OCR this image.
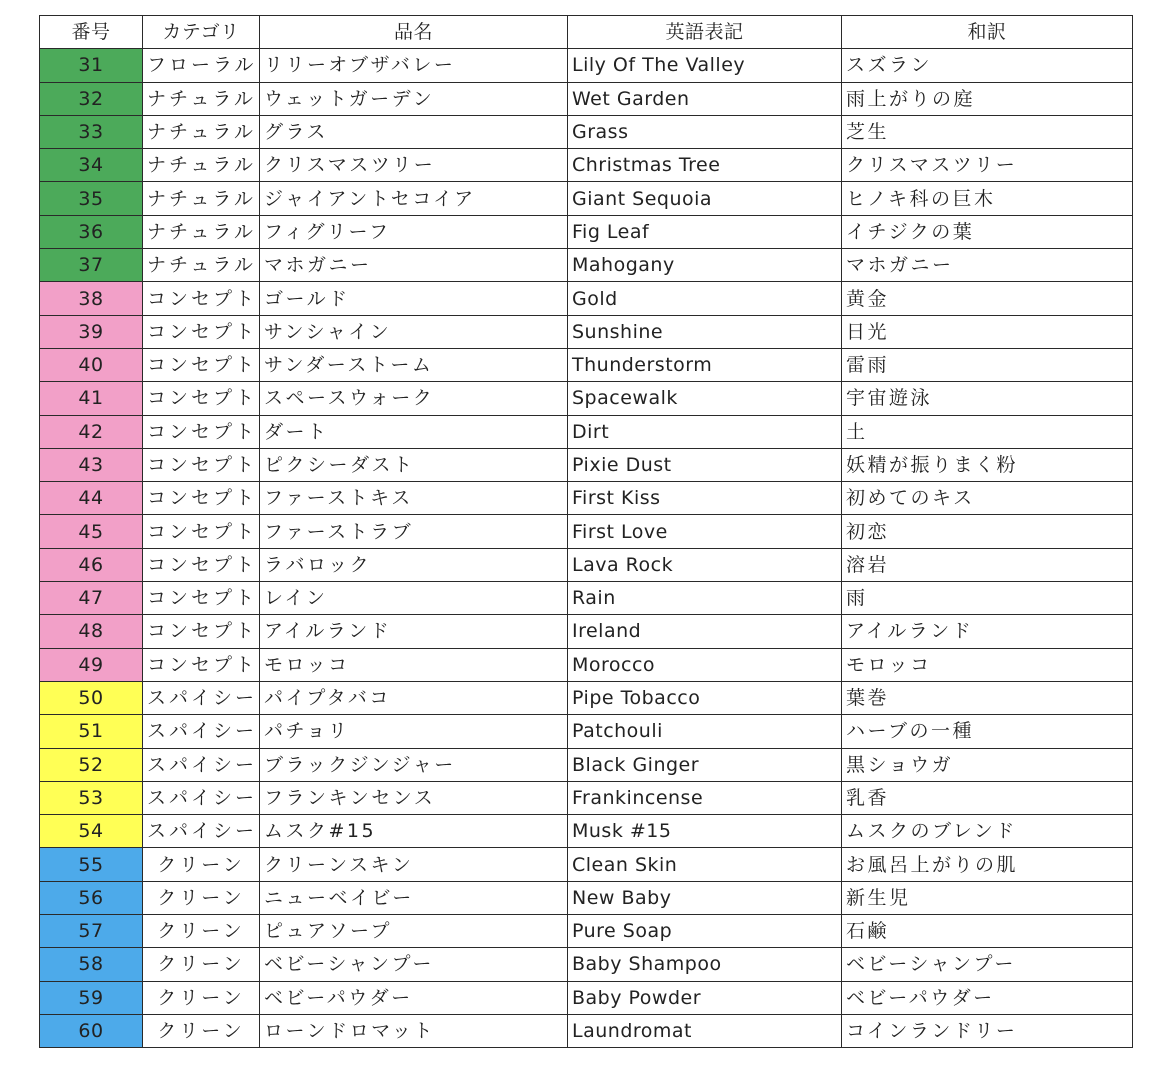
番号	カテゴリ	品名	英語表記	和訳
31	フローラル	リリーオブザバレー	Lily Of The Valley	スズラン
32	ナチュラル	ウェットガーデン	Wet Garden	雨上がりの庭
33	ナチュラル	グラス	Grass	芝生
34	ナチュラル	クリスマスツリー	Christmas Tree	クリスマスツリー
35	ナチュラル	ジャイアントセコイア	Giant Sequoia	ヒノキ科の巨木
36	ナチュラル	フィグリーフ	Fig Leaf	イチジクの葉
37	ナチュラル	マホガニー	Mahogany	マホガニー
38	コンセプト	ゴールド	Gold	黄金
39	コンセプト	サンシャイン	Sunshine	日光
40	コンセプト	サンダーストーム	Thunderstorm	雷雨
41	コンセプト	スペースウォーク	Spacewalk	宇宙遊泳
42	コンセプト	ダート	Dirt	土
43	コンセプト	ピクシーダスト	Pixie Dust	妖精が振りまく粉
44	コンセプト	ファーストキス	First Kiss	初めてのキス
45	コンセプト	ファーストラブ	First Love	初恋
46	コンセプト	ラバロック	Lava Rock	溶岩
47	コンセプト	レイン	Rain	雨
48	コンセプト	アイルランド	Ireland	アイルランド
49	コンセプト	モロッコ	Morocco	モロッコ
50	スパイシー	パイプタバコ	Pipe Tobacco	葉巻
51	スパイシー	パチョリ	Patchouli	ハーブの一種
52	スパイシー	ブラックジンジャー	Black Ginger	黒ショウガ
53	スパイシー	フランキンセンス	Frankincense	乳香
54	スパイシー	ムスク#15	Musk #15	ムスクのブレンド
55	クリーン	クリーンスキン	Clean Skin	お風呂上がりの肌
56	クリーン	ニューベイビー	New Baby	新生児
57	クリーン	ピュアソープ	Pure Soap	石鹸
58	クリーン	ベビーシャンプー	Baby Shampoo	ベビーシャンプー
59	クリーン	ベビーパウダー	Baby Powder	ベビーパウダー
60	クリーン	ローンドロマット	Laundromat	コインランドリー
